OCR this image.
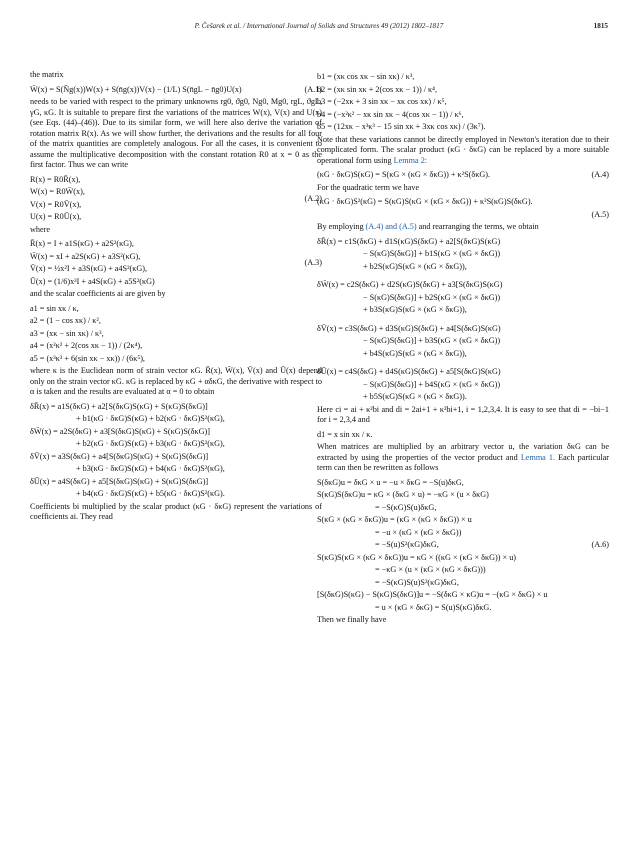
P. Češarek et al. / International Journal of Solids and Structures 49 (2012) 1802–1817	1815
the matrix
W̄(x) = S(N̄g(x))W(x) + S(n̄g(x))V(x) − (1/L) S(n̄gL − n̄g0)U(x)	(A.1)
needs to be varied with respect to the primary unknowns rg0, ϑg0, Ng0, Mg0, rgL, ϑgL, γG, κG. It is suitable to prepare first the variations of the matrices W(x), V(x) and U(x) (see Eqs. (44)–(46)). Due to its similar form, we will here also derive the variation of rotation matrix R(x). As we will show further, the derivations and the results for all four of the matrix quantities are completely analogous. For all the cases, it is convenient to assume the multiplicative decomposition with the constant rotation R0 at x = 0 as the first factor. Thus we can write
R(x) = R0R̄(x),
W(x) = R0W̄(x),
V(x) = R0V̄(x),
U(x) = R0Ū(x),
(A.2)
where
R̄(x) = I + a1S(κG) + a2S²(κG),
W̄(x) = xI + a2S(κG) + a3S²(κG),
V̄(x) = ½x²I + a3S(κG) + a4S²(κG),
Ū(x) = (1/6)x³I + a4S(κG) + a5S²(κG)
(A.3)
and the scalar coefficients ai are given by
a1 = sin xκ / κ,
a2 = (1 − cos xκ) / κ²,
a3 = (xκ − sin xκ) / κ³,
a4 = (x²κ² + 2(cos xκ − 1)) / (2κ⁴),
a5 = (x³κ³ + 6(sin xκ − xκ)) / (6κ⁵),
where κ is the Euclidean norm of strain vector κG. R̄(x), W̄(x), V̄(x) and Ū(x) depend only on the strain vector κG. κG is replaced by κG + αδκG, the derivative with respect to α is taken and the results are evaluated at α = 0 to obtain
δR̄(x) = a1S(δκG) + a2[S(δκG)S(κG) + S(κG)S(δκG)]
+ b1(κG · δκG)S(κG) + b2(κG · δκG)S²(κG),
δW̄(x) = a2S(δκG) + a3[S(δκG)S(κG) + S(κG)S(δκG)]
+ b2(κG · δκG)S(κG) + b3(κG · δκG)S²(κG),
δV̄(x) = a3S(δκG) + a4[S(δκG)S(κG) + S(κG)S(δκG)]
+ b3(κG · δκG)S(κG) + b4(κG · δκG)S²(κG),
δŪ(x) = a4S(δκG) + a5[S(δκG)S(κG) + S(κG)S(δκG)]
+ b4(κG · δκG)S(κG) + b5(κG · δκG)S²(κG).
Coefficients bi multiplied by the scalar product (κG · δκG) represent the variations of coefficients ai. They read
b1 = (xκ cos xκ − sin xκ) / κ³,
b2 = (xκ sin xκ + 2(cos xκ − 1)) / κ⁴,
b3 = (−2xκ + 3 sin xκ − xκ cos xκ) / κ⁵,
b4 = (−x²κ² − xκ sin xκ − 4(cos xκ − 1)) / κ⁶,
b5 = (12xκ − x³κ³ − 15 sin xκ + 3xκ cos xκ) / (3κ⁷).
Note that these variations cannot be directly employed in Newton's iteration due to their complicated form. The scalar product (κG · δκG) can be replaced by a more suitable operational form using Lemma 2:
(κG · δκG)S(κG) = S(κG × (κG × δκG)) + κ²S(δκG).	(A.4)
For the quadratic term we have
(κG · δκG)S²(κG) = S(κG)S(κG × (κG × δκG)) + κ²S(κG)S(δκG).
(A.5)
By employing (A.4) and (A.5) and rearranging the terms, we obtain
δR̄(x) = c1S(δκG) + d1S(κG)S(δκG) + a2[S(δκG)S(κG)
− S(κG)S(δκG)] + b1S(κG × (κG × δκG))
+ b2S(κG)S(κG × (κG × δκG)),
δW̄(x) = c2S(δκG) + d2S(κG)S(δκG) + a3[S(δκG)S(κG)
− S(κG)S(δκG)] + b2S(κG × (κG × δκG))
+ b3S(κG)S(κG × (κG × δκG)),
δV̄(x) = c3S(δκG) + d3S(κG)S(δκG) + a4[S(δκG)S(κG)
− S(κG)S(δκG)] + b3S(κG × (κG × δκG))
+ b4S(κG)S(κG × (κG × δκG)),
δŪ(x) = c4S(δκG) + d4S(κG)S(δκG) + a5[S(δκG)S(κG)
− S(κG)S(δκG)] + b4S(κG × (κG × δκG))
+ b5S(κG)S(κG × (κG × δκG)).
Here ci = ai + κ²bi and di = 2ai+1 + κ²bi+1, i = 1,2,3,4. It is easy to see that di = −bi−1 for i = 2,3,4 and
d1 = x sin xκ / κ.
When matrices are multiplied by an arbitrary vector u, the variation δκG can be extracted by using the properties of the vector product and Lemma 1. Each particular term can then be rewritten as follows
S(δκG)u = δκG × u = −u × δκG = −S(u)δκG,
S(κG)S(δκG)u = κG × (δκG × u) = −κG × (u × δκG)
= −S(κG)S(u)δκG,
S(κG × (κG × δκG))u = (κG × (κG × δκG)) × u
= −u × (κG × (κG × δκG))
= −S(u)S²(κG)δκG,
S(κG)S(κG × (κG × δκG))u = κG × ((κG × (κG × δκG)) × u)
= −κG × (u × (κG × (κG × δκG)))
= −S(κG)S(u)S²(κG)δκG,
[S(δκG)S(κG) − S(κG)S(δκG)]u = −S(δκG × κG)u = −(κG × δκG) × u
= u × (κG × δκG) = S(u)S(κG)δκG.
(A.6)
Then we finally have
